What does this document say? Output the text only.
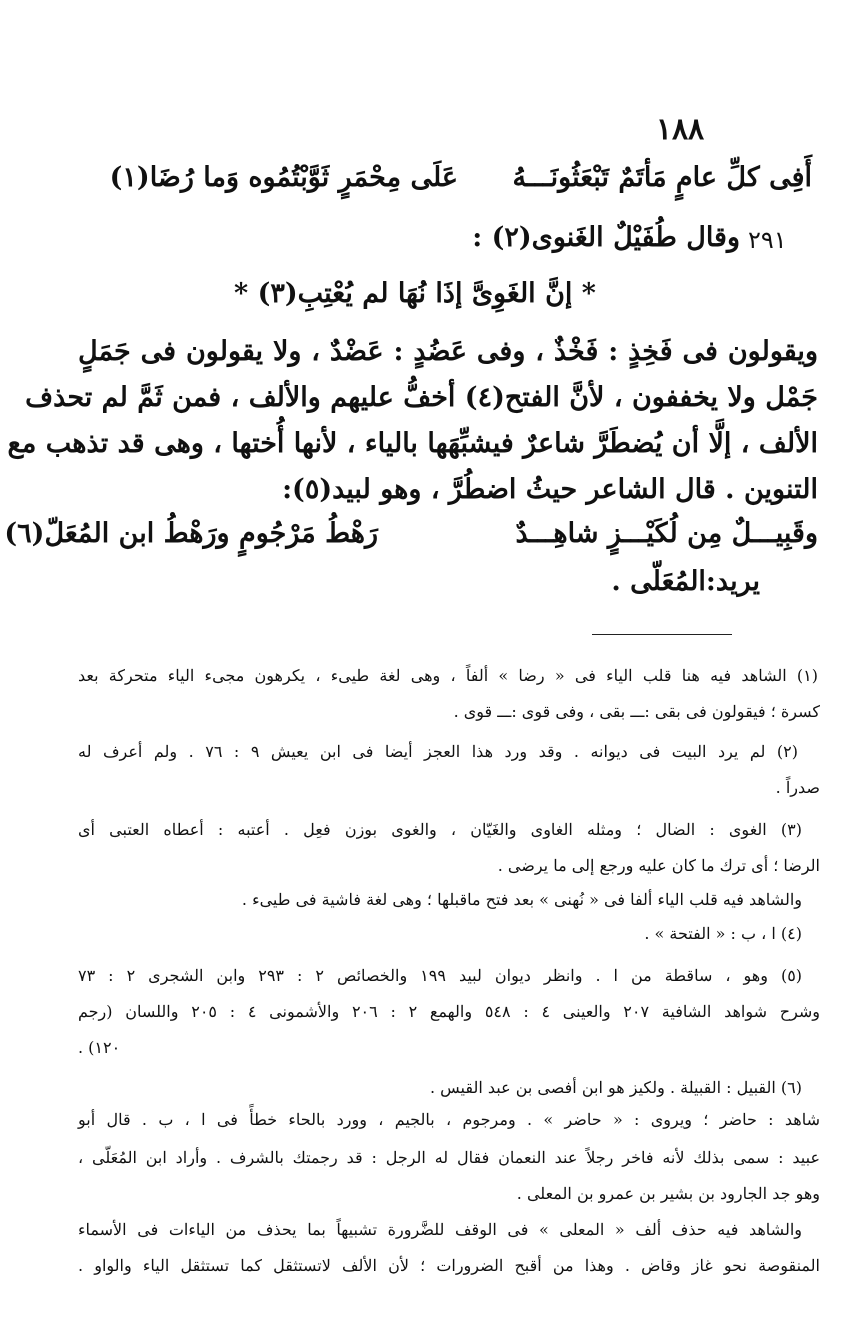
١٨٨
أَفِى كلِّ عامٍ مَأتَمٌ تَبْعَثُونَـــهُ
عَلَى مِحْمَرٍ ثَوَّبْتُمُوه وَما رُضَا(١)
٢٩١
وقال طُفَيْلٌ الغَنوى(٢) :
* إنَّ الغَوِىَّ إذَا نُهَا لم يُعْتِبِ(٣) *
ويقولون فى فَخِذٍ : فَخْذٌ ، وفى عَضُدٍ : عَضْدٌ ، ولا يقولون فى جَمَلٍ
جَمْل ولا يخففون ، لأنَّ الفتح(٤) أخفُّ عليهم والألف ، فمن ثَمَّ لم تحذف
الألف ، إلَّا أن يُضطَرَّ شاعرٌ فيشبِّهَها بالياء ، لأنها أُختها ، وهى قد تذهب مع
التنوين . قال الشاعر حيثُ اضطُرَّ ، وهو لبيد(٥):
وقَبِيـــلٌ مِن لُكَيْـــزٍ شاهِـــدٌ
رَهْطُ مَرْجُومٍ ورَهْطُ ابن المُعَلّ(٦)
يريد:المُعَلّى .
(١) الشاهد فيه هنا قلب الياء فى « رضا » ألفاً ، وهى لغة طيىء ، يكرهون مجىء الياء متحركة بعد
كسرة ؛ فيقولون فى بقى :ـــ بقى ، وفى قوى :ـــ قوى .
(٢) لم يرد البيت فى ديوانه . وقد ورد هذا العجز أيضا فى ابن يعيش ٩ : ٧٦ . ولم أعرف له
صدراً .
(٣) الغوى : الضال ؛ ومثله الغاوى والغَيّان ، والغوى بوزن فعِل . أعتبه : أعطاه العتبى أى
الرضا ؛ أى ترك ما كان عليه ورجع إلى ما يرضى .
والشاهد فيه قلب الياء ألفا فى « نُهنى » بعد فتح ماقبلها ؛ وهى لغة فاشية فى طيىء .
(٤) ا ، ب : « الفتحة » .
(٥) وهو ، ساقطة من ا . وانظر ديوان لبيد ١٩٩ والخصائص ٢ : ٢٩٣ وابن الشجرى ٢ : ٧٣
وشرح شواهد الشافية ٢٠٧ والعينى ٤ : ٥٤٨ والهمع ٢ : ٢٠٦ والأشمونى ٤ : ٢٠٥ واللسان (رجم
١٢٠) .
(٦) القبيل : القبيلة . ولكيز هو ابن أفصى بن عبد القيس .
شاهد : حاضر ؛ ويروى : « حاضر » . ومرجوم ، بالجيم ، وورد بالحاء خطأً فى ا ، ب . قال أبو
عبيد : سمى بذلك لأنه فاخر رجلاً عند النعمان فقال له الرجل : قد رجمتك بالشرف . وأراد ابن المُعَلّى ،
وهو جد الجارود بن بشير بن عمرو بن المعلى .
والشاهد فيه حذف ألف « المعلى » فى الوقف للضَّرورة تشبيهاً بما يحذف من الياءات فى الأسماء
المنقوصة نحو غاز وقاض . وهذا من أقبح الضرورات ؛ لأن الألف لاتستثقل كما تستثقل الياء والواو .
